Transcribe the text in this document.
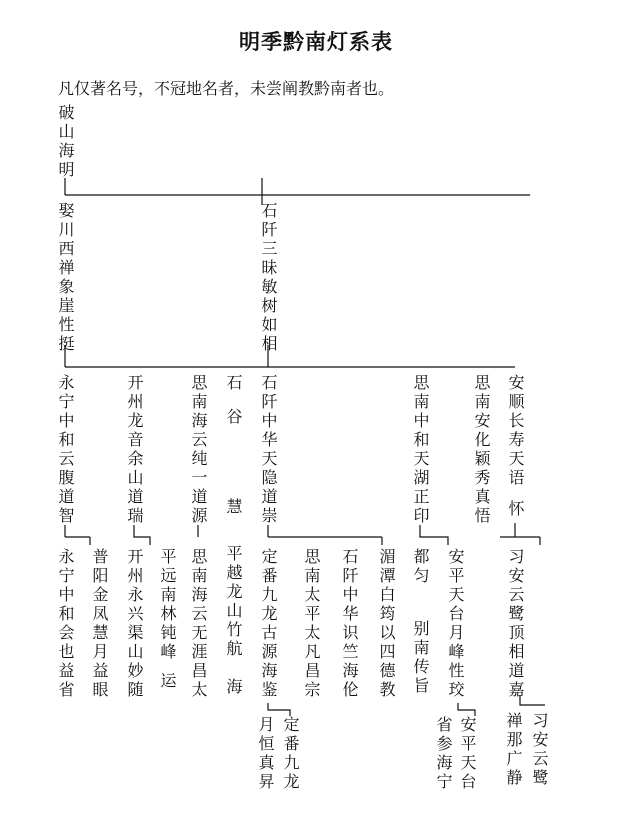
明季黔南灯系表
凡仅著名号，不冠地名者，未尝阐教黔南者也。
破山海明
娶川西禅象崖性挺	石阡三昧敏树如相
永宁中和云腹道智	开州龙音余山道瑞	思南海云纯一道源 石谷
慧
平越龙山竹航
海
石阡中华天隐道崇	思南中和天湖正印	思南安化颖秀真悟 安顺长寿天语
怀
永宁中和会也益省 普阳金凤慧月益眼 开州永兴渠山妙随 平远南林钝峰
运 思南海云无涯昌太	定番九龙古源海鉴 思南太平太凡昌宗 石阡中华识竺海伦 湄潭白筠以四德教 都匀
别南传旨 安平天台月峰性珓	习安云鹭顶相道嘉
月恒真昇 定番九龙	省参海宁 安平天台 禅那广静 习安云鹭
